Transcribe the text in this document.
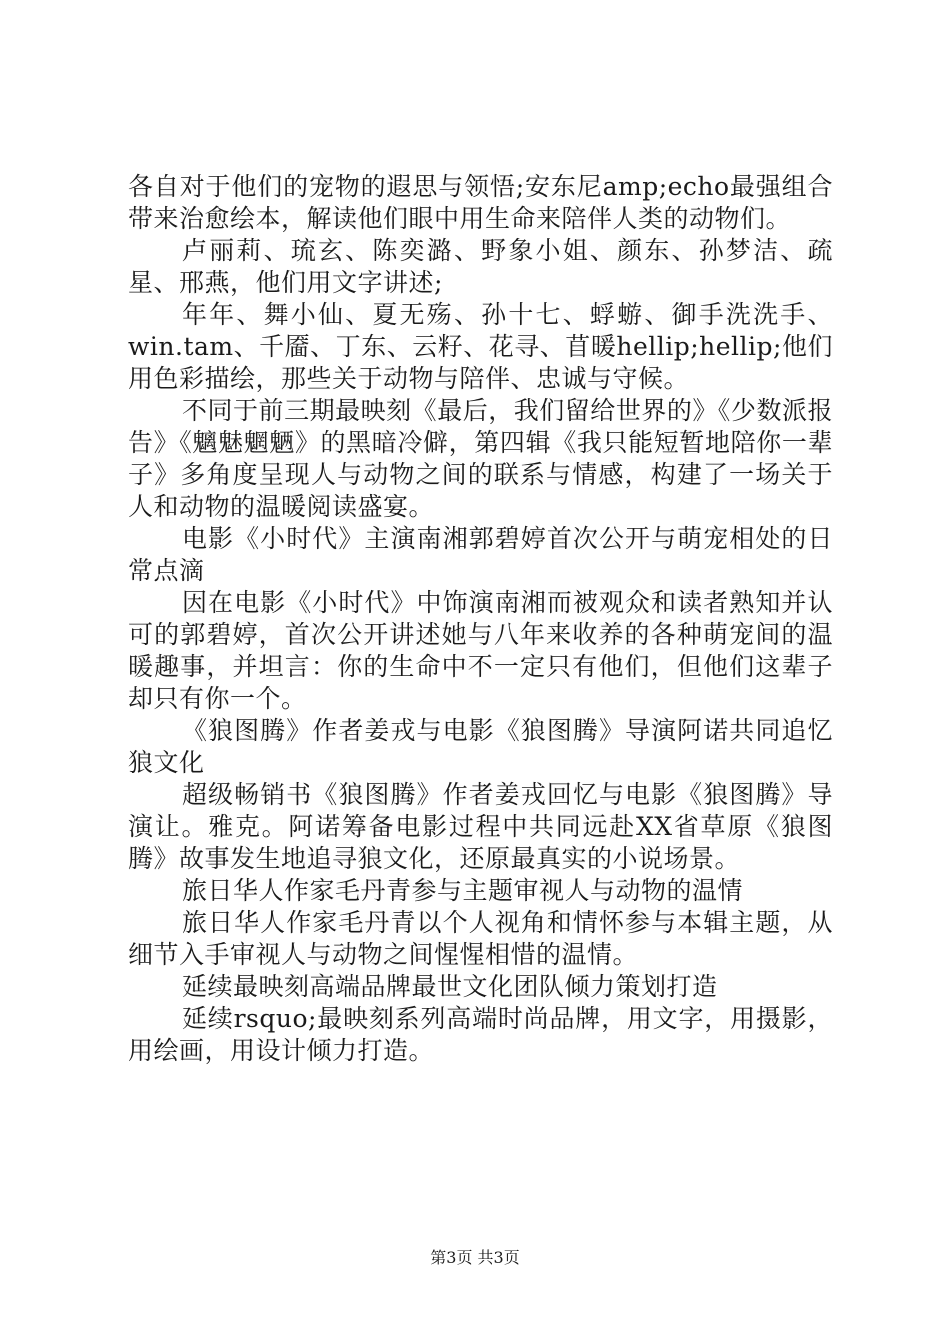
各自对于他们的宠物的遐思与领悟;安东尼amp;echo最强组合带来治愈绘本，解读他们眼中用生命来陪伴人类的动物们。

卢丽莉、琉玄、陈奕潞、野象小姐、颜东、孙梦洁、疏星、邢燕，他们用文字讲述;

年年、舞小仙、夏无殇、孙十七、蜉蝣、御手洗洗手、win.tam、千靥、丁东、云籽、花寻、苜暖hellip;hellip;他们用色彩描绘，那些关于动物与陪伴、忠诚与守候。

不同于前三期最映刻《最后，我们留给世界的》《少数派报告》《魑魅魍魉》的黑暗冷僻，第四辑《我只能短暂地陪你一辈子》多角度呈现人与动物之间的联系与情感，构建了一场关于人和动物的温暖阅读盛宴。

电影《小时代》主演南湘郭碧婷首次公开与萌宠相处的日常点滴

因在电影《小时代》中饰演南湘而被观众和读者熟知并认可的郭碧婷，首次公开讲述她与八年来收养的各种萌宠间的温暖趣事，并坦言：你的生命中不一定只有他们，但他们这辈子却只有你一个。

《狼图腾》作者姜戎与电影《狼图腾》导演阿诺共同追忆狼文化

超级畅销书《狼图腾》作者姜戎回忆与电影《狼图腾》导演让。雅克。阿诺筹备电影过程中共同远赴XX省草原《狼图腾》故事发生地追寻狼文化，还原最真实的小说场景。

旅日华人作家毛丹青参与主题审视人与动物的温情

旅日华人作家毛丹青以个人视角和情怀参与本辑主题，从细节入手审视人与动物之间惺惺相惜的温情。

延续最映刻高端品牌最世文化团队倾力策划打造

延续rsquo;最映刻系列高端时尚品牌，用文字，用摄影，用绘画，用设计倾力打造。

第3页 共3页
